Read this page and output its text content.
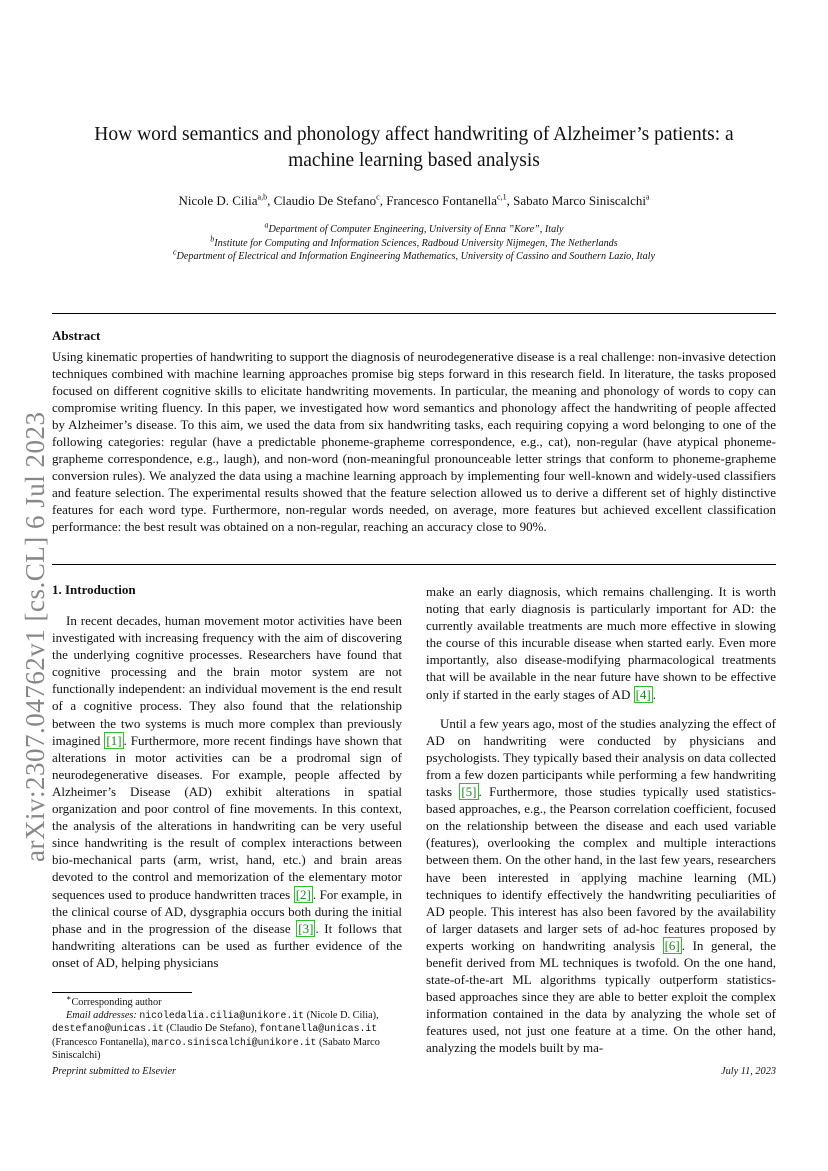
arXiv:2307.04762v1 [cs.CL] 6 Jul 2023
How word semantics and phonology affect handwriting of Alzheimer’s patients: a machine learning based analysis
Nicole D. Cilia$^{a,b}$, Claudio De Stefano$^c$, Francesco Fontanella$^{c,1}$, Sabato Marco Siniscalchi$^a$
$^a$Department of Computer Engineering, University of Enna ”Kore”, Italy
$^b$Institute for Computing and Information Sciences, Radboud University Nijmegen, The Netherlands
$^c$Department of Electrical and Information Engineering Mathematics, University of Cassino and Southern Lazio, Italy
Abstract
Using kinematic properties of handwriting to support the diagnosis of neurodegenerative disease is a real challenge: non-invasive detection techniques combined with machine learning approaches promise big steps forward in this research field. In literature, the tasks proposed focused on different cognitive skills to elicitate handwriting movements. In particular, the meaning and phonology of words to copy can compromise writing fluency. In this paper, we investigated how word semantics and phonology affect the handwriting of people affected by Alzheimer’s disease. To this aim, we used the data from six handwriting tasks, each requiring copying a word belonging to one of the following categories: regular (have a predictable phoneme-grapheme correspondence, e.g., cat), non-regular (have atypical phoneme-grapheme correspondence, e.g., laugh), and non-word (non-meaningful pronounceable letter strings that conform to phoneme-grapheme conversion rules). We analyzed the data using a machine learning approach by implementing four well-known and widely-used classifiers and feature selection. The experimental results showed that the feature selection allowed us to derive a different set of highly distinctive features for each word type. Furthermore, non-regular words needed, on average, more features but achieved excellent classification performance: the best result was obtained on a non-regular, reaching an accuracy close to 90%.
1. Introduction

In recent decades, human movement motor activities have been investigated with increasing frequency with the aim of discovering the underlying cognitive processes. Researchers have found that cognitive processing and the brain motor system are not functionally independent: an individual movement is the end result of a cognitive process. They also found that the relationship between the two systems is much more complex than previously imagined [1] . Furthermore, more recent findings have shown that alterations in motor activities can be a prodromal sign of neurodegenerative diseases. For example, people affected by Alzheimer’s Disease (AD) exhibit alterations in spatial organization and poor control of fine movements. In this context, the analysis of the alterations in handwriting can be very useful since handwriting is the result of complex interactions between bio-mechanical parts (arm, wrist, hand, etc.) and brain areas devoted to the control and memorization of the elementary motor sequences used to produce handwritten traces [2] . For example, in the clinical course of AD, dysgraphia occurs both during the initial phase and in the progression of the disease [3] . It follows that handwriting alterations can be used as further evidence of the onset of AD, helping physicians

make an early diagnosis, which remains challenging. It is worth noting that early diagnosis is particularly important for AD: the currently available treatments are much more effective in slowing the course of this incurable disease when started early. Even more importantly, also disease-modifying pharmacological treatments that will be available in the near future have shown to be effective only if started in the early stages of AD [4] .

Until a few years ago, most of the studies analyzing the effect of AD on handwriting were conducted by physicians and psychologists. They typically based their analysis on data collected from a few dozen participants while performing a few handwriting tasks [5] . Furthermore, those studies typically used statistics-based approaches, e.g., the Pearson correlation coefficient, focused on the relationship between the disease and each used variable (features), overlooking the complex and multiple interactions between them. On the other hand, in the last few years, researchers have been interested in applying machine learning (ML) techniques to identify effectively the handwriting peculiarities of AD people. This interest has also been favored by the availability of larger datasets and larger sets of ad-hoc features proposed by experts working on handwriting analysis [6] . In general, the benefit derived from ML techniques is twofold. On the one hand, state-of-the-art ML algorithms typically outperform statistics-based approaches since they are able to better exploit the complex information contained in the data by analyzing the whole set of features used, not just one feature at a time. On the other hand, analyzing the models built by ma-

∗Corresponding author
Email addresses: nicoledalia.cilia@unikore.it (Nicole D. Cilia), destefano@unicas.it (Claudio De Stefano), fontanella@unicas.it (Francesco Fontanella), marco.siniscalchi@unikore.it (Sabato Marco Siniscalchi)
Preprint submitted to Elsevier	July 11, 2023
